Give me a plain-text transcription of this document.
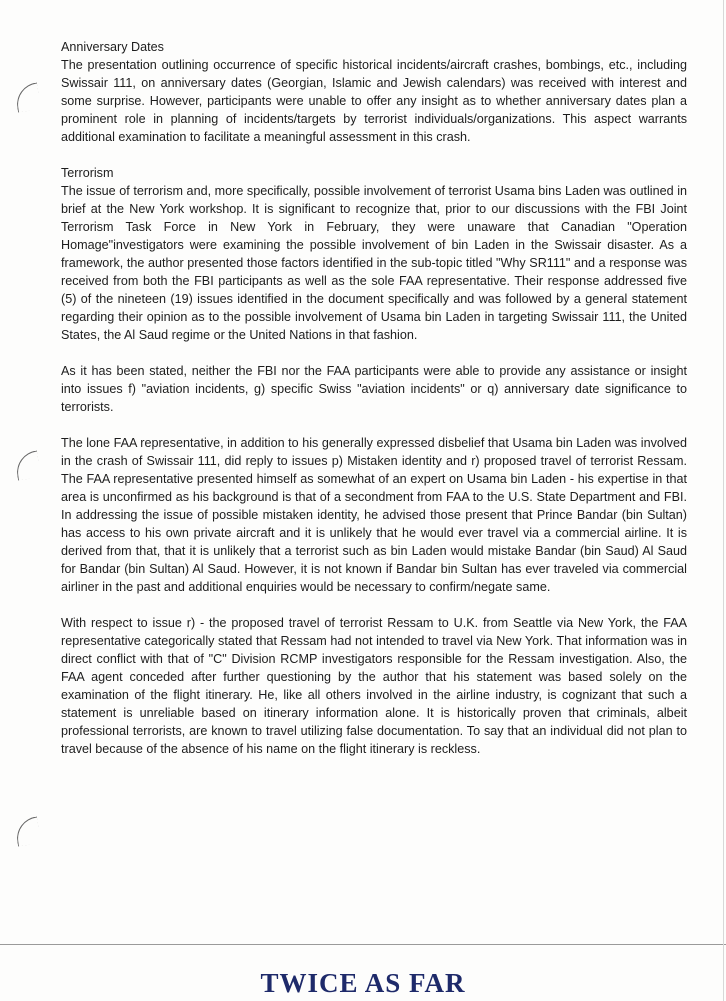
Anniversary Dates

The presentation outlining occurrence of specific historical incidents/aircraft crashes, bombings, etc., including Swissair 111, on anniversary dates (Georgian, Islamic and Jewish calendars) was received with interest and some surprise. However, participants were unable to offer any insight as to whether anniversary dates plan a prominent role in planning of incidents/targets by terrorist individuals/organizations. This aspect warrants additional examination to facilitate a meaningful assessment in this crash.

Terrorism

The issue of terrorism and, more specifically, possible involvement of terrorist Usama bins Laden was outlined in brief at the New York workshop. It is significant to recognize that, prior to our discussions with the FBI Joint Terrorism Task Force in New York in February, they were unaware that Canadian "Operation Homage"investigators were examining the possible involvement of bin Laden in the Swissair disaster. As a framework, the author presented those factors identified in the sub-topic titled "Why SR111" and a response was received from both the FBI participants as well as the sole FAA representative. Their response addressed five (5) of the nineteen (19) issues identified in the document specifically and was followed by a general statement regarding their opinion as to the possible involvement of Usama bin Laden in targeting Swissair 111, the United States, the Al Saud regime or the United Nations in that fashion.

As it has been stated, neither the FBI nor the FAA participants were able to provide any assistance or insight into issues f) "aviation incidents, g) specific Swiss "aviation incidents" or q) anniversary date significance to terrorists.

The lone FAA representative, in addition to his generally expressed disbelief that Usama bin Laden was involved in the crash of Swissair 111, did reply to issues p) Mistaken identity and r) proposed travel of terrorist Ressam. The FAA representative presented himself as somewhat of an expert on Usama bin Laden - his expertise in that area is unconfirmed as his background is that of a secondment from FAA to the U.S. State Department and FBI. In addressing the issue of possible mistaken identity, he advised those present that Prince Bandar (bin Sultan) has access to his own private aircraft and it is unlikely that he would ever travel via a commercial airline. It is derived from that, that it is unlikely that a terrorist such as bin Laden would mistake Bandar (bin Saud) Al Saud for Bandar (bin Sultan) Al Saud. However, it is not known if Bandar bin Sultan has ever traveled via commercial airliner in the past and additional enquiries would be necessary to confirm/negate same.

With respect to issue r) - the proposed travel of terrorist Ressam to U.K. from Seattle via New York, the FAA representative categorically stated that Ressam had not intended to travel via New York. That information was in direct conflict with that of "C" Division RCMP investigators responsible for the Ressam investigation. Also, the FAA agent conceded after further questioning by the author that his statement was based solely on the examination of the flight itinerary. He, like all others involved in the airline industry, is cognizant that such a statement is unreliable based on itinerary information alone. It is historically proven that criminals, albeit professional terrorists, are known to travel utilizing false documentation. To say that an individual did not plan to travel because of the absence of his name on the flight itinerary is reckless.

TWICE AS FAR
